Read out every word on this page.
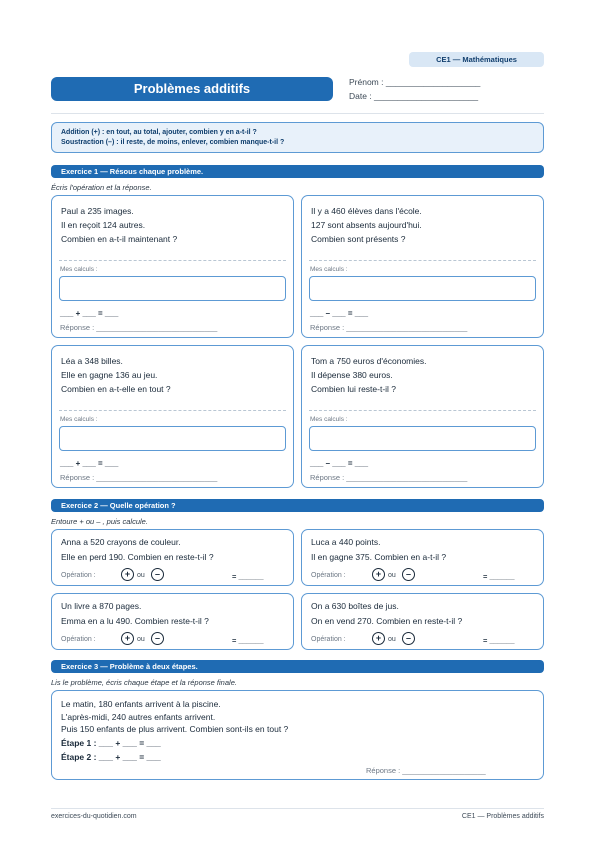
CE1 — Mathématiques
Problèmes additifs	Prénom : ____________________
Date : ______________________
Addition (+) : en tout, au total, ajouter, combien y en a-t-il ?
Soustraction (–) : il reste, de moins, enlever, combien manque-t-il ?
Exercice 1 — Résous chaque problème.
Écris l'opération et la réponse.
Paul a 235 images.
Il en reçoit 124 autres.
Combien en a-t-il maintenant ?
Mes calculs :
___ + ___ = ___
Réponse : _____________________________
Il y a 460 élèves dans l'école.
127 sont absents aujourd'hui.
Combien sont présents ?
Mes calculs :
___ – ___ = ___
Réponse : _____________________________
Léa a 348 billes.
Elle en gagne 136 au jeu.
Combien en a-t-elle en tout ?
Mes calculs :
___ + ___ = ___
Réponse : _____________________________
Tom a 750 euros d'économies.
Il dépense 380 euros.
Combien lui reste-t-il ?
Mes calculs :
___ – ___ = ___
Réponse : _____________________________
Exercice 2 — Quelle opération ?
Entoure + ou – , puis calcule.
Anna a 520 crayons de couleur.
Elle en perd 190. Combien en reste-t-il ?
Opération :	+ ou	–	= ______
Luca a 440 points.
Il en gagne 375. Combien en a-t-il ?
Opération :	+ ou	–	= ______
Un livre a 870 pages.
Emma en a lu 490. Combien reste-t-il ?
Opération :	+ ou	–	= ______
On a 630 boîtes de jus.
On en vend 270. Combien en reste-t-il ?
Opération :	+ ou	–	= ______
Exercice 3 — Problème à deux étapes.
Lis le problème, écris chaque étape et la réponse finale.
Le matin, 180 enfants arrivent à la piscine.
L'après-midi, 240 autres enfants arrivent.
Puis 150 enfants de plus arrivent. Combien sont-ils en tout ?
Étape 1 : ___ + ___ = ___
Étape 2 : ___ + ___ = ___
Réponse : ____________________
exercices-du-quotidien.com	CE1 — Problèmes additifs
